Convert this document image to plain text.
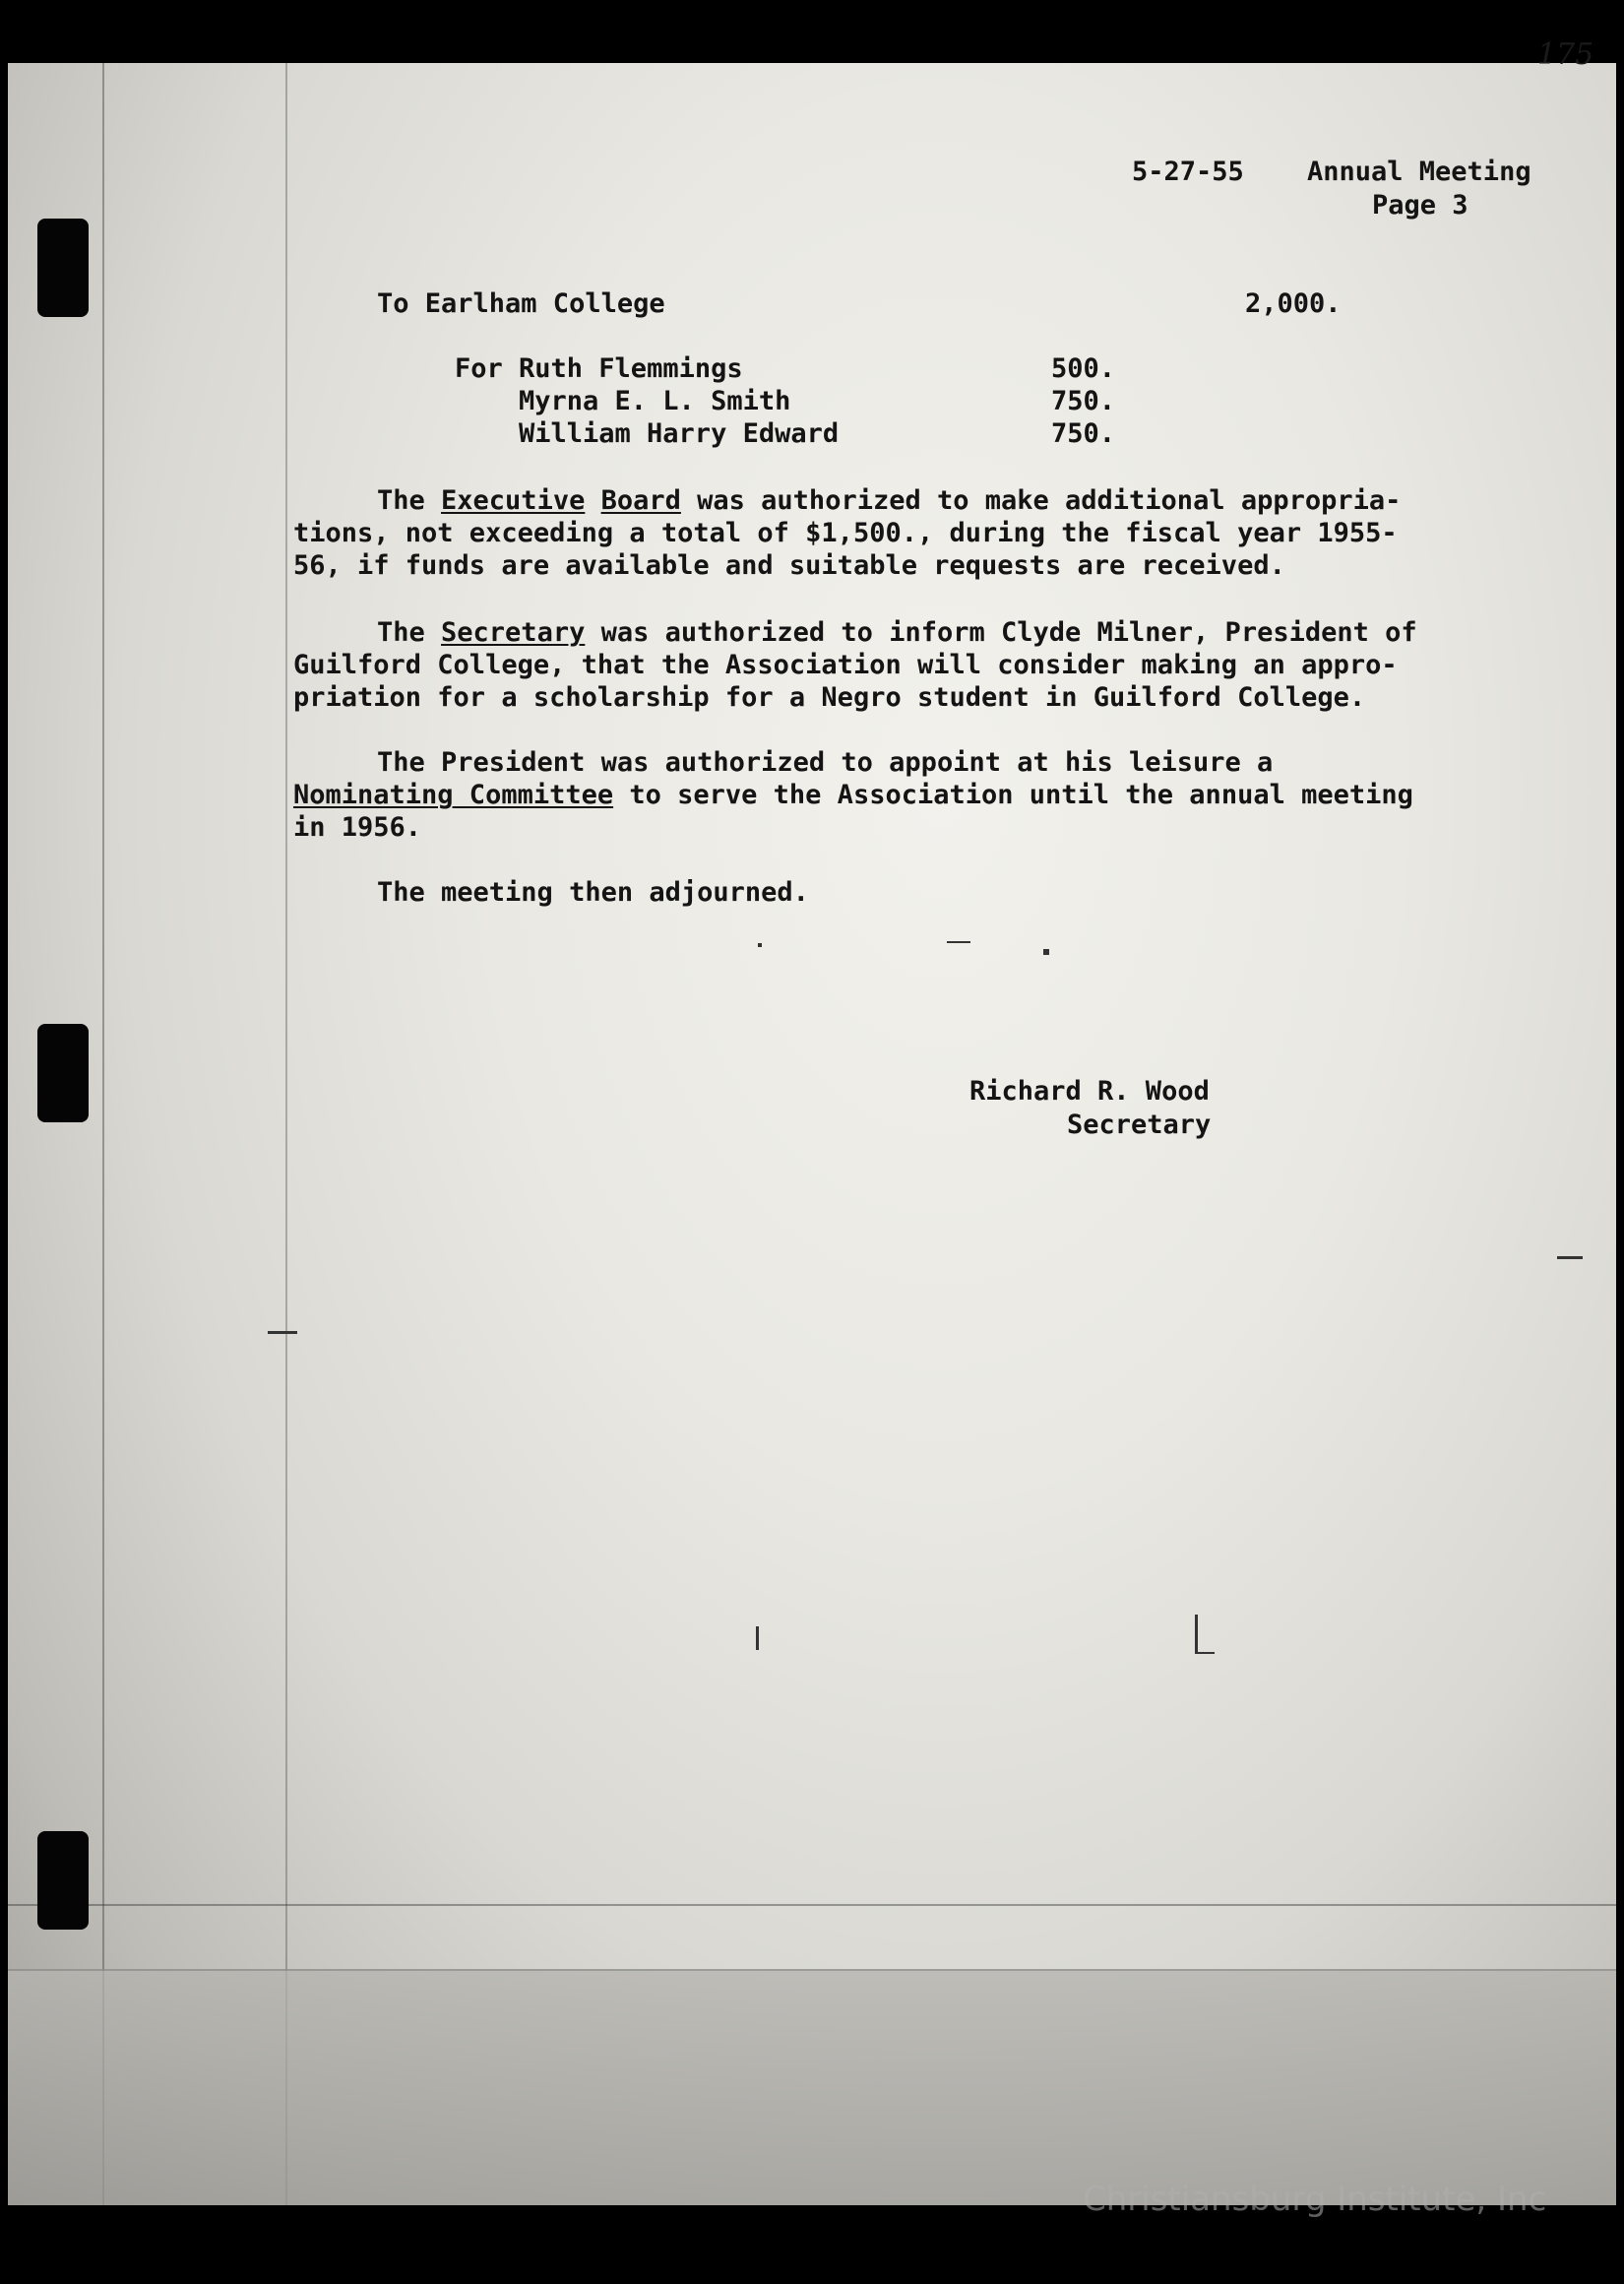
175
5-27-55 Annual Meeting
Page 3
To Earlham College	2,000.
For Ruth Flemmings	500.
Myrna E. L. Smith	750.
William Harry Edward	750.
The Executive Board was authorized to make additional appropria-
tions, not exceeding a total of $1,500., during the fiscal year 1955-
56, if funds are available and suitable requests are received.
The Secretary was authorized to inform Clyde Milner, President of
Guilford College, that the Association will consider making an appro-
priation for a scholarship for a Negro student in Guilford College.
The President was authorized to appoint at his leisure a
Nominating Committee to serve the Association until the annual meeting
in 1956.
The meeting then adjourned.
Richard R. Wood
Secretary
Christiansburg Institute, Inc
